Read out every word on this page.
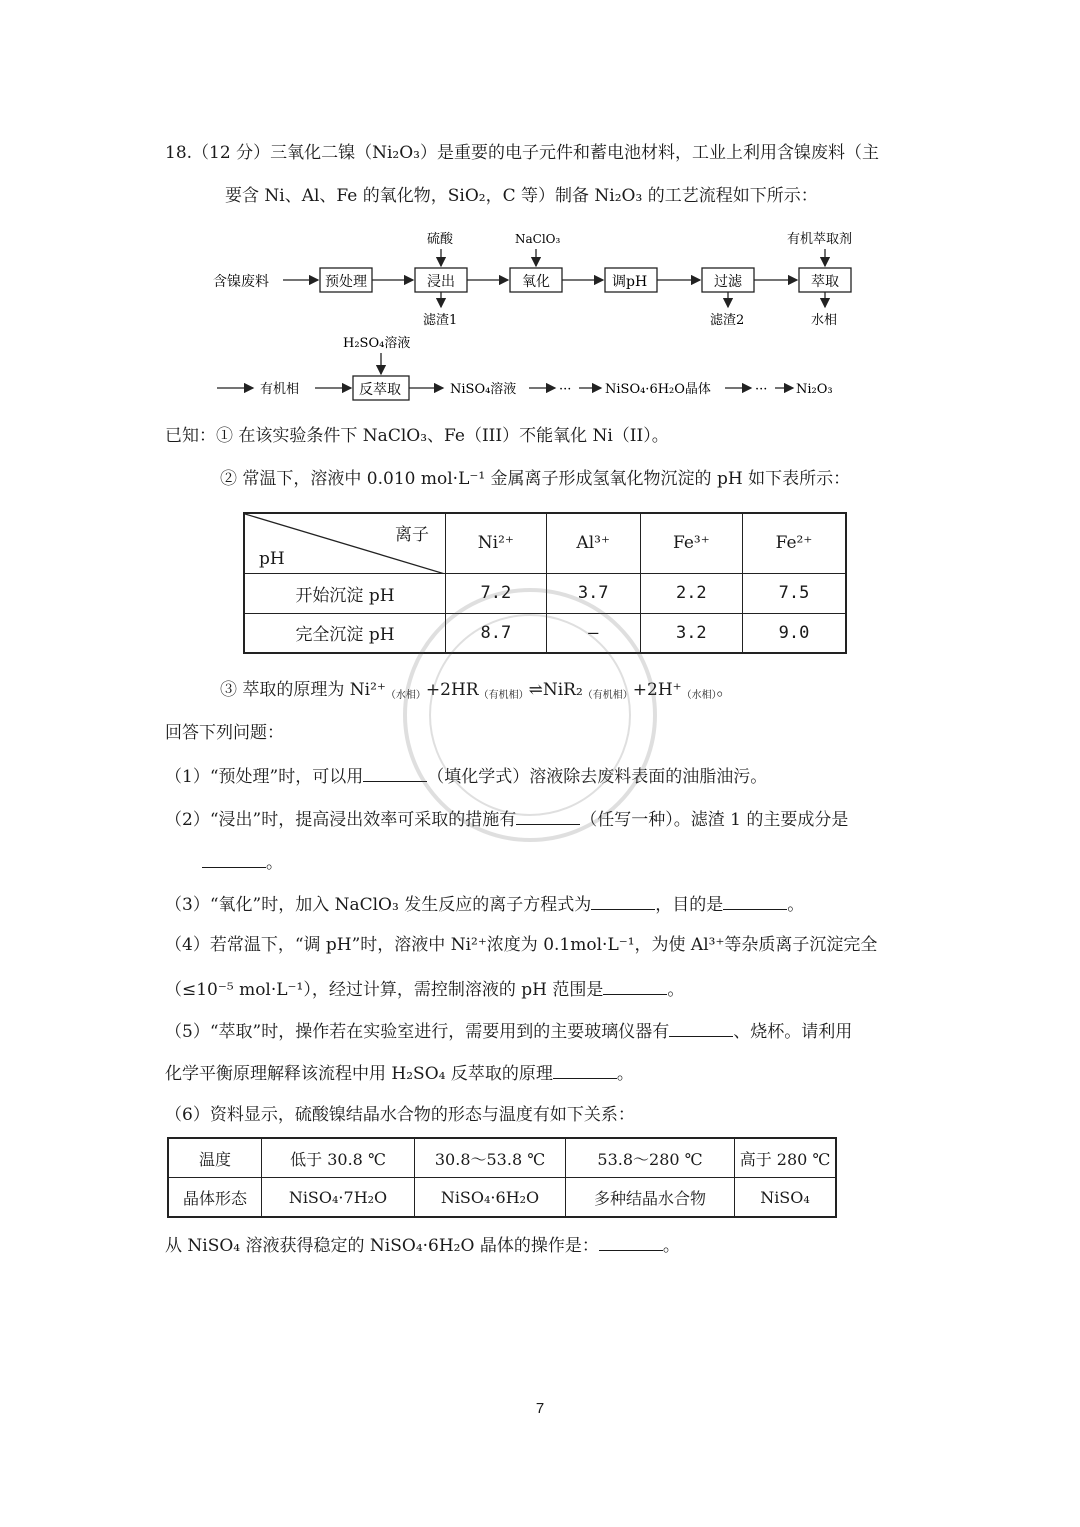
18.（12 分）三氧化二镍（Ni₂O₃）是重要的电子元件和蓄电池材料，工业上利用含镍废料（主
要含 Ni、Al、Fe 的氧化物，SiO₂，C 等）制备 Ni₂O₃ 的工艺流程如下所示：
含镍废料	预处理	浸出
硫酸
滤渣1
氧化
NaClO₃
调pH	过滤
滤渣2
萃取
有机萃取剂
水相
有机相	反萃取
H₂SO₄溶液
NiSO₄溶液	···	NiSO₄·6H₂O晶体	··· Ni₂O₃
已知：① 在该实验条件下 NaClO₃、Fe（III）不能氧化 Ni（II）。
② 常温下，溶液中 0.010 mol·L⁻¹ 金属离子形成氢氧化物沉淀的 pH 如下表所示：
离子
pH	Ni²⁺	Al³⁺	Fe³⁺	Fe²⁺
开始沉淀 pH	7.2	3.7	2.2	7.5
完全沉淀 pH	8.7	—	3.2	9.0
③ 萃取的原理为 Ni²⁺（水相）+2HR（有机相）⇌NiR₂（有机相）+2H⁺（水相）。
回答下列问题：
（1）“预处理”时，可以用	（填化学式）溶液除去废料表面的油脂油污。
（2）“浸出”时，提高浸出效率可采取的措施有	（任写一种）。滤渣 1 的主要成分是
。
（3）“氧化”时，加入 NaClO₃ 发生反应的离子方程式为	，目的是	。
（4）若常温下，“调 pH”时，溶液中 Ni²⁺浓度为 0.1mol·L⁻¹，为使 Al³⁺等杂质离子沉淀完全
（≤10⁻⁵ mol·L⁻¹），经过计算，需控制溶液的 pH 范围是	。
（5）“萃取”时，操作若在实验室进行，需要用到的主要玻璃仪器有	、烧杯。请利用
化学平衡原理解释该流程中用 H₂SO₄ 反萃取的原理	。
（6）资料显示，硫酸镍结晶水合物的形态与温度有如下关系：
温度	低于 30.8 ℃	30.8～53.8 ℃	53.8～280 ℃	高于 280 ℃
晶体形态	NiSO₄·7H₂O	NiSO₄·6H₂O	多种结晶水合物	NiSO₄
从 NiSO₄ 溶液获得稳定的 NiSO₄·6H₂O 晶体的操作是：	。
7
